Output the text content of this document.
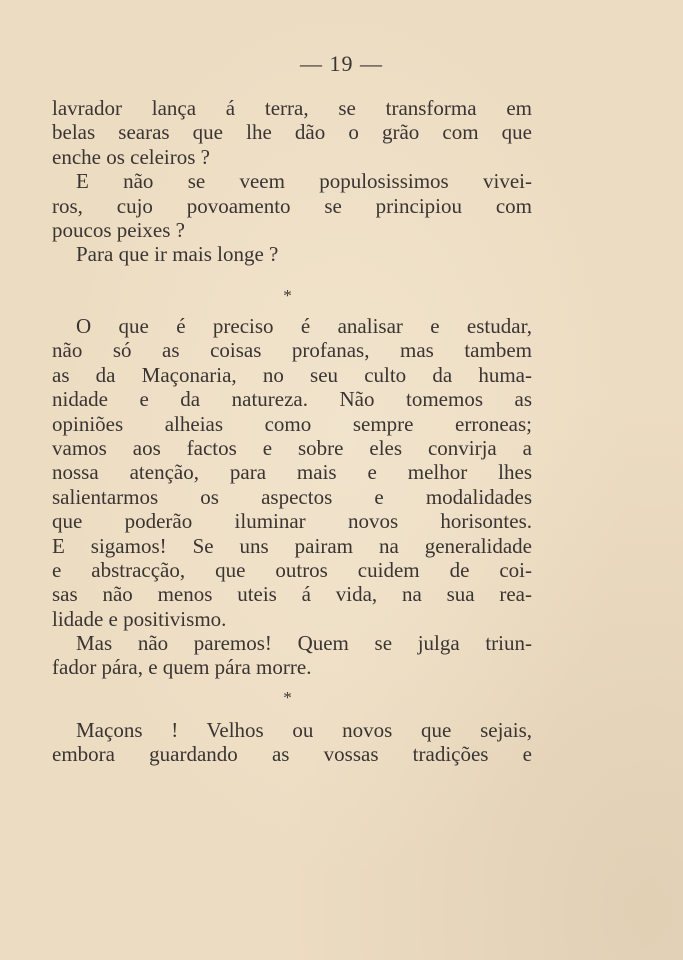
— 19 —
lavrador lança á terra, se transforma em
belas searas que lhe dão o grão com que
enche os celeiros ?
E não se veem populosissimos vivei-
ros, cujo povoamento se principiou com
poucos peixes ?
Para que ir mais longe ?
*
O que é preciso é analisar e estudar,
não só as coisas profanas, mas tambem
as da Maçonaria, no seu culto da huma-
nidade e da natureza. Não tomemos as
opiniões alheias como sempre erroneas;
vamos aos factos e sobre eles convirja a
nossa atenção, para mais e melhor lhes
salientarmos os aspectos e modalidades
que poderão iluminar novos horisontes.
E sigamos! Se uns pairam na generalidade
e abstracção, que outros cuidem de coi-
sas não menos uteis á vida, na sua rea-
lidade e positivismo.
Mas não paremos! Quem se julga triun-
fador pára, e quem pára morre.
*
Maçons ! Velhos ou novos que sejais,
embora guardando as vossas tradições e
